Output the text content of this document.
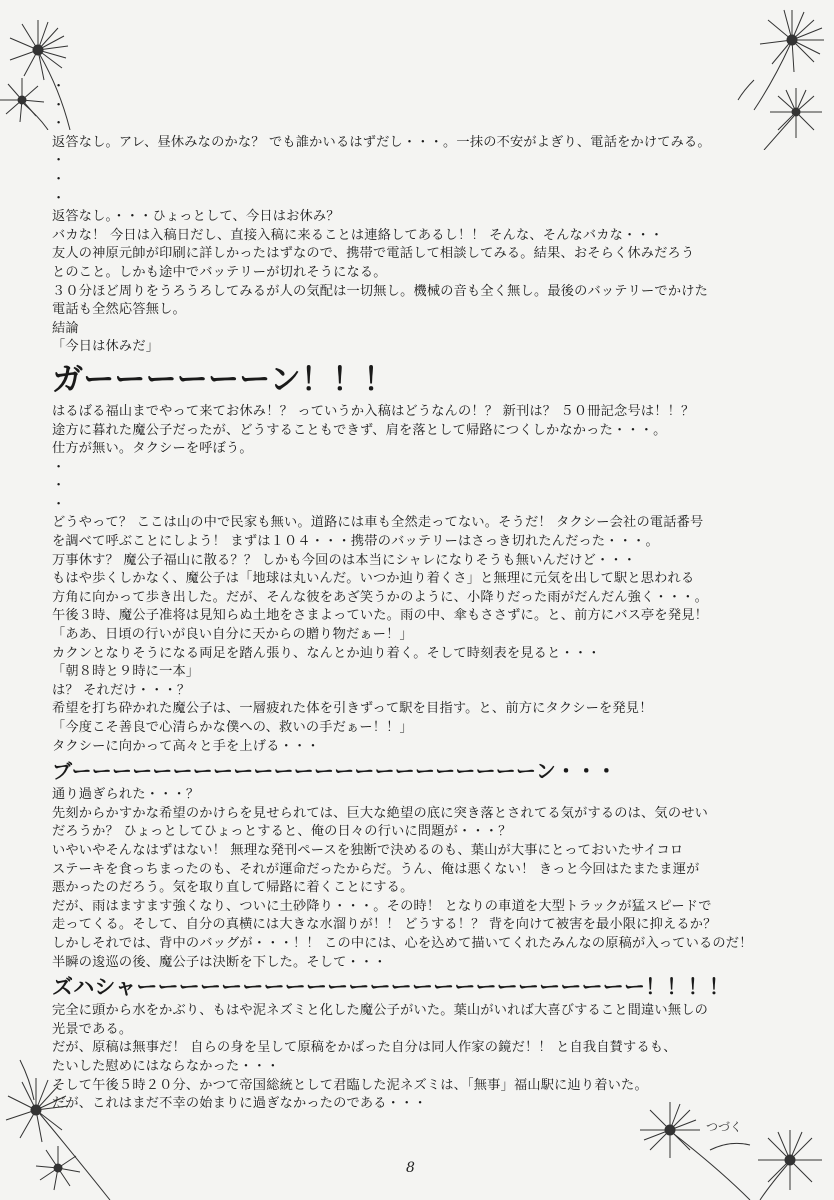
・
・
・
返答なし。アレ、昼休みなのかな？ でも誰かいるはずだし・・・。一抹の不安がよぎり、電話をかけてみる。
・
・
・
返答なし。・・・ひょっとして、今日はお休み？
バカな！ 今日は入稿日だし、直接入稿に来ることは連絡してあるし！！ そんな、そんなバカな・・・
友人の神原元帥が印刷に詳しかったはずなので、携帯で電話して相談してみる。結果、おそらく休みだろう
とのこと。しかも途中でバッテリーが切れそうになる。
３０分ほど周りをうろうろしてみるが人の気配は一切無し。機械の音も全く無し。最後のバッテリーでかけた
電話も全然応答無し。
結論
「今日は休みだ」
ガーーーーーーン！！！
はるばる福山までやって来てお休み！？ っていうか入稿はどうなんの！？ 新刊は？ ５０冊記念号は！！？
途方に暮れた魔公子だったが、どうすることもできず、肩を落として帰路につくしかなかった・・・。
仕方が無い。タクシーを呼ぼう。
・
・
・
どうやって？ ここは山の中で民家も無い。道路には車も全然走ってない。そうだ！ タクシー会社の電話番号
を調べて呼ぶことにしよう！ まずは１０４・・・携帯のバッテリーはさっき切れたんだった・・・。
万事休す？ 魔公子福山に散る？？ しかも今回のは本当にシャレになりそうも無いんだけど・・・
もはや歩くしかなく、魔公子は「地球は丸いんだ。いつか辿り着くさ」と無理に元気を出して駅と思われる
方角に向かって歩き出した。だが、そんな彼をあざ笑うかのように、小降りだった雨がだんだん強く・・・。
午後３時、魔公子准将は見知らぬ土地をさまよっていた。雨の中、傘もささずに。と、前方にバス亭を発見！
「ああ、日頃の行いが良い自分に天からの贈り物だぁー！」
カクンとなりそうになる両足を踏ん張り、なんとか辿り着く。そして時刻表を見ると・・・
「朝８時と９時に一本」
は？ それだけ・・・？
希望を打ち砕かれた魔公子は、一層疲れた体を引きずって駅を目指す。と、前方にタクシーを発見！
「今度こそ善良で心清らかな僕への、救いの手だぁー！！」
タクシーに向かって高々と手を上げる・・・
ブーーーーーーーーーーーーーーーーーーーーーーーン・・・
通り過ぎられた・・・？
先刻からかすかな希望のかけらを見せられては、巨大な絶望の底に突き落とされてる気がするのは、気のせい
だろうか？ ひょっとしてひょっとすると、俺の日々の行いに問題が・・・？
いやいやそんなはずはない！ 無理な発刊ペースを独断で決めるのも、葉山が大事にとっておいたサイコロ
ステーキを食っちまったのも、それが運命だったからだ。うん、俺は悪くない！ きっと今回はたまたま運が
悪かったのだろう。気を取り直して帰路に着くことにする。
だが、雨はますます強くなり、ついに土砂降り・・・。その時！ となりの車道を大型トラックが猛スピードで
走ってくる。そして、自分の真横には大きな水溜りが！！ どうする！？ 背を向けて被害を最小限に抑えるか？
しかしそれでは、背中のバッグが・・・！！ この中には、心を込めて描いてくれたみんなの原稿が入っているのだ！
半瞬の逡巡の後、魔公子は決断を下した。そして・・・
ズハシャーーーーーーーーーーーーーーーーーーーーーーーー！！！！
完全に頭から水をかぶり、もはや泥ネズミと化した魔公子がいた。葉山がいれば大喜びすること間違い無しの
光景である。
だが、原稿は無事だ！ 自らの身を呈して原稿をかばった自分は同人作家の鏡だ！！ と自我自賛するも、
たいした慰めにはならなかった・・・
そして午後５時２０分、かつて帝国総統として君臨した泥ネズミは、「無事」福山駅に辿り着いた。
だが、これはまだ不幸の始まりに過ぎなかったのである・・・
つづく
8
